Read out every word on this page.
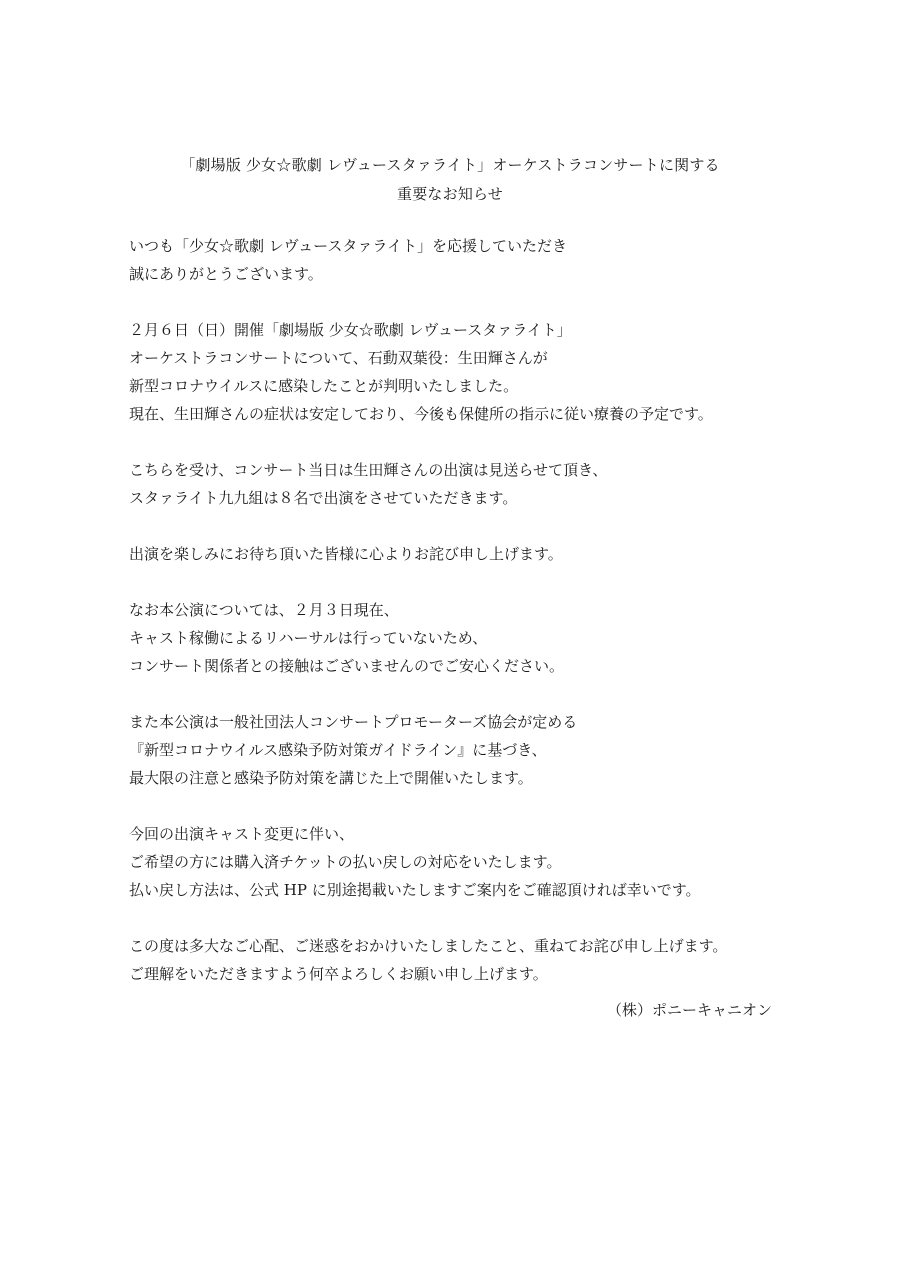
「劇場版 少女☆歌劇 レヴュースタァライト」オーケストラコンサートに関する
重要なお知らせ

いつも「少女☆歌劇 レヴュースタァライト」を応援していただき
誠にありがとうございます。

２月６日（日）開催「劇場版 少女☆歌劇 レヴュースタァライト」
オーケストラコンサートについて、石動双葉役：生田輝さんが
新型コロナウイルスに感染したことが判明いたしました。
現在、生田輝さんの症状は安定しており、今後も保健所の指示に従い療養の予定です。

こちらを受け、コンサート当日は生田輝さんの出演は見送らせて頂き、
スタァライト九九組は８名で出演をさせていただきます。

出演を楽しみにお待ち頂いた皆様に心よりお詫び申し上げます。

なお本公演については、２月３日現在、
キャスト稼働によるリハーサルは行っていないため、
コンサート関係者との接触はございませんのでご安心ください。

また本公演は一般社団法人コンサートプロモーターズ協会が定める
『新型コロナウイルス感染予防対策ガイドライン』に基づき、
最大限の注意と感染予防対策を講じた上で開催いたします。

今回の出演キャスト変更に伴い、
ご希望の方には購入済チケットの払い戻しの対応をいたします。
払い戻し方法は、公式 HP に別途掲載いたしますご案内をご確認頂ければ幸いです。

この度は多大なご心配、ご迷惑をおかけいたしましたこと、重ねてお詫び申し上げます。
ご理解をいただきますよう何卒よろしくお願い申し上げます。

（株）ポニーキャニオン
